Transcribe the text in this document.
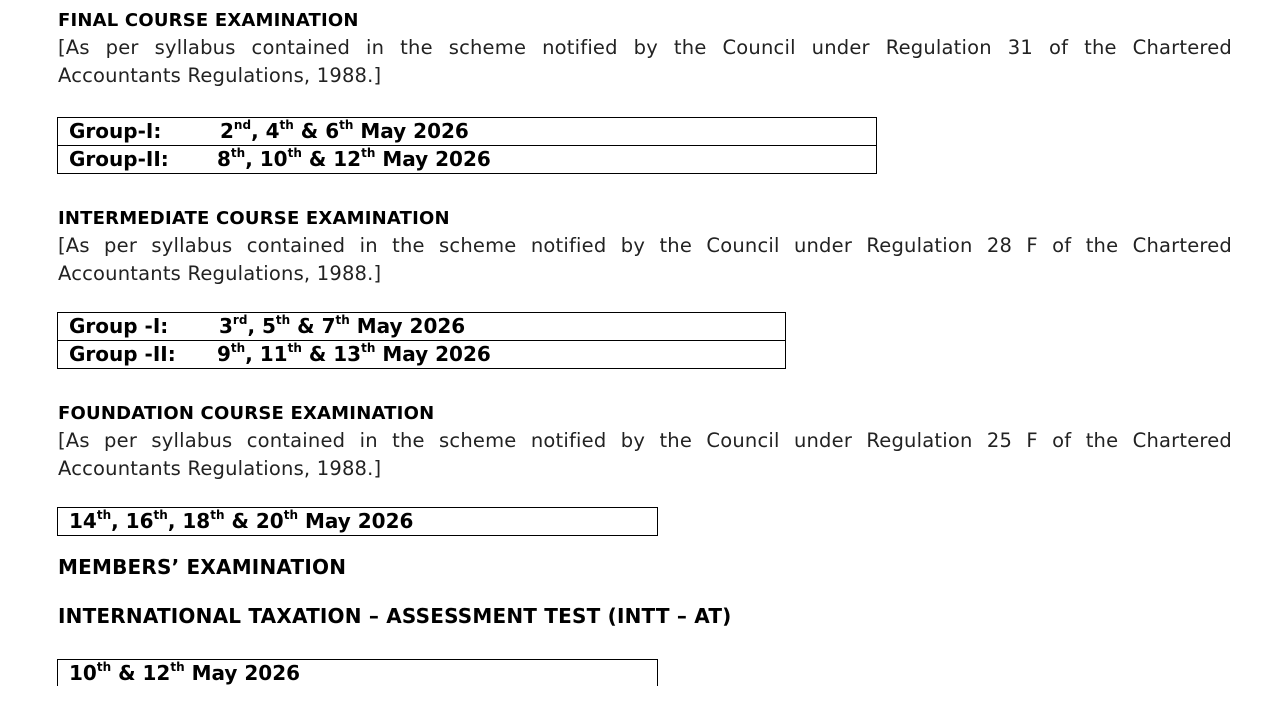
FINAL COURSE EXAMINATION
[As per syllabus contained in the scheme notified by the Council under Regulation 31 of the Chartered
Accountants Regulations, 1988.]
Group-I:	2nd, 4th & 6th May 2026
Group-II: 8th, 10th & 12th May 2026
INTERMEDIATE COURSE EXAMINATION
[As per syllabus contained in the scheme notified by the Council under Regulation 28 F of the Chartered
Accountants Regulations, 1988.]
Group -I:	3rd, 5th & 7th May 2026
Group -II: 9th, 11th & 13th May 2026
FOUNDATION COURSE EXAMINATION
[As per syllabus contained in the scheme notified by the Council under Regulation 25 F of the Chartered
Accountants Regulations, 1988.]
14th, 16th, 18th & 20th May 2026
MEMBERS’ EXAMINATION
INTERNATIONAL TAXATION – ASSESSMENT TEST (INTT – AT)
10th & 12th May 2026
